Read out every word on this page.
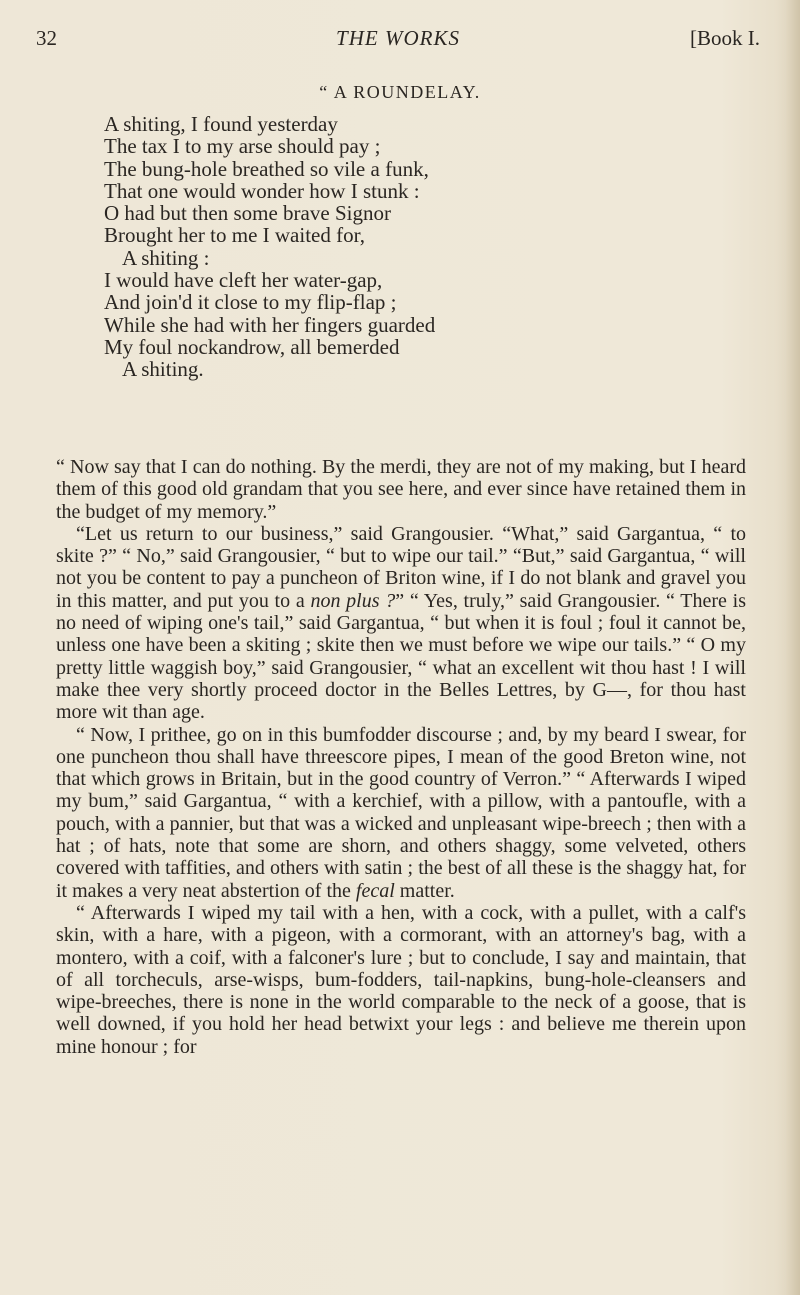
32	THE WORKS	[Book I.
“ A ROUNDELAY.
A shiting, I found yesterday
The tax I to my arse should pay ;
The bung-hole breathed so vile a funk,
That one would wonder how I stunk :
O had but then some brave Signor
Brought her to me I waited for,
A shiting :
I would have cleft her water-gap,
And join'd it close to my flip-flap ;
While she had with her fingers guarded
My foul nockandrow, all bemerded
A shiting.

“ Now say that I can do nothing. By the merdi, they are not of my making, but I heard them of this good old grandam that you see here, and ever since have retained them in the budget of my memory.”

“Let us return to our business,” said Grangousier. “What,” said Gargantua, “ to skite ?” “ No,” said Grangousier, “ but to wipe our tail.” “But,” said Gargantua, “ will not you be content to pay a puncheon of Briton wine, if I do not blank and gravel you in this matter, and put you to a non plus ?” “ Yes, truly,” said Grangousier. “ There is no need of wiping one's tail,” said Gargantua, “ but when it is foul ; foul it cannot be, unless one have been a skiting ; skite then we must before we wipe our tails.” “ O my pretty little waggish boy,” said Grangousier, “ what an excellent wit thou hast ! I will make thee very shortly proceed doctor in the Belles Lettres, by G—, for thou hast more wit than age.

“ Now, I prithee, go on in this bumfodder discourse ; and, by my beard I swear, for one puncheon thou shall have threescore pipes, I mean of the good Breton wine, not that which grows in Britain, but in the good country of Verron.” “ Afterwards I wiped my bum,” said Gargantua, “ with a kerchief, with a pillow, with a pantoufle, with a pouch, with a pannier, but that was a wicked and unpleasant wipe-breech ; then with a hat ; of hats, note that some are shorn, and others shaggy, some velveted, others covered with taffities, and others with satin ; the best of all these is the shaggy hat, for it makes a very neat abstertion of the fecal matter.

“ Afterwards I wiped my tail with a hen, with a cock, with a pullet, with a calf's skin, with a hare, with a pigeon, with a cormorant, with an attorney's bag, with a montero, with a coif, with a falconer's lure ; but to conclude, I say and maintain, that of all torcheculs, arse-wisps, bum-fodders, tail-napkins, bung-hole-cleansers and wipe-breeches, there is none in the world comparable to the neck of a goose, that is well downed, if you hold her head betwixt your legs : and believe me therein upon mine honour ; for
